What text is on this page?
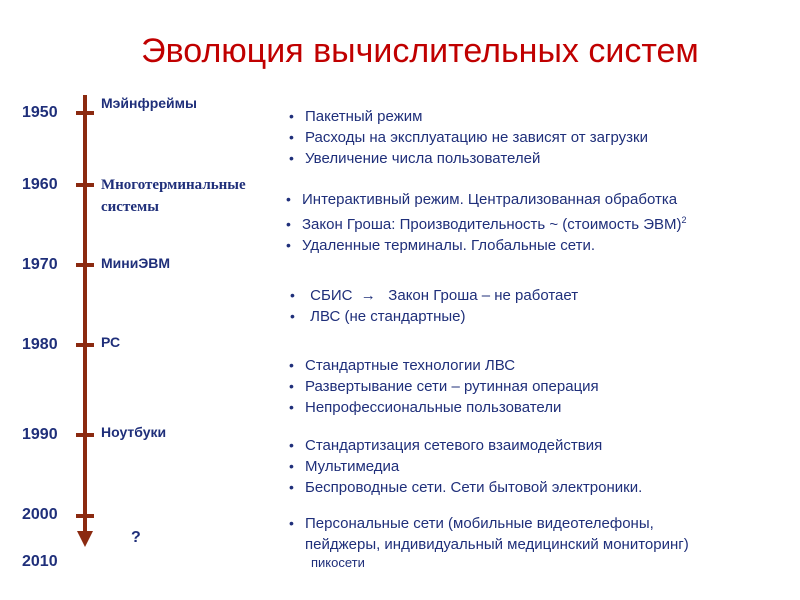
Эволюция вычислительных систем
1950
1960
1970
1980
1990
2000
2010
Мэйнфреймы
Многотерминальные
системы
МиниЭВМ
РС
Ноутбуки
?
• Пакетный режим
• Расходы на эксплуатацию не зависят от загрузки
• Увеличение числа пользователей
• Интерактивный режим. Централизованная обработка
• Закон Гроша: Производительность ~ (стоимость ЭВМ)$^2$
• Удаленные терминалы. Глобальные сети.
• СБИС  →   Закон Гроша – не работает
• ЛВС (не стандартные)
• Стандартные технологии ЛВС
• Развертывание сети – рутинная операция
• Непрофессиональные пользователи
• Стандартизация сетевого взаимодействия
• Мультимедиа
• Беспроводные сети. Сети бытовой электроники.
• Персональные сети (мобильные видеотелефоны,
пейджеры, индивидуальный медицинский мониторинг)
пикосети
